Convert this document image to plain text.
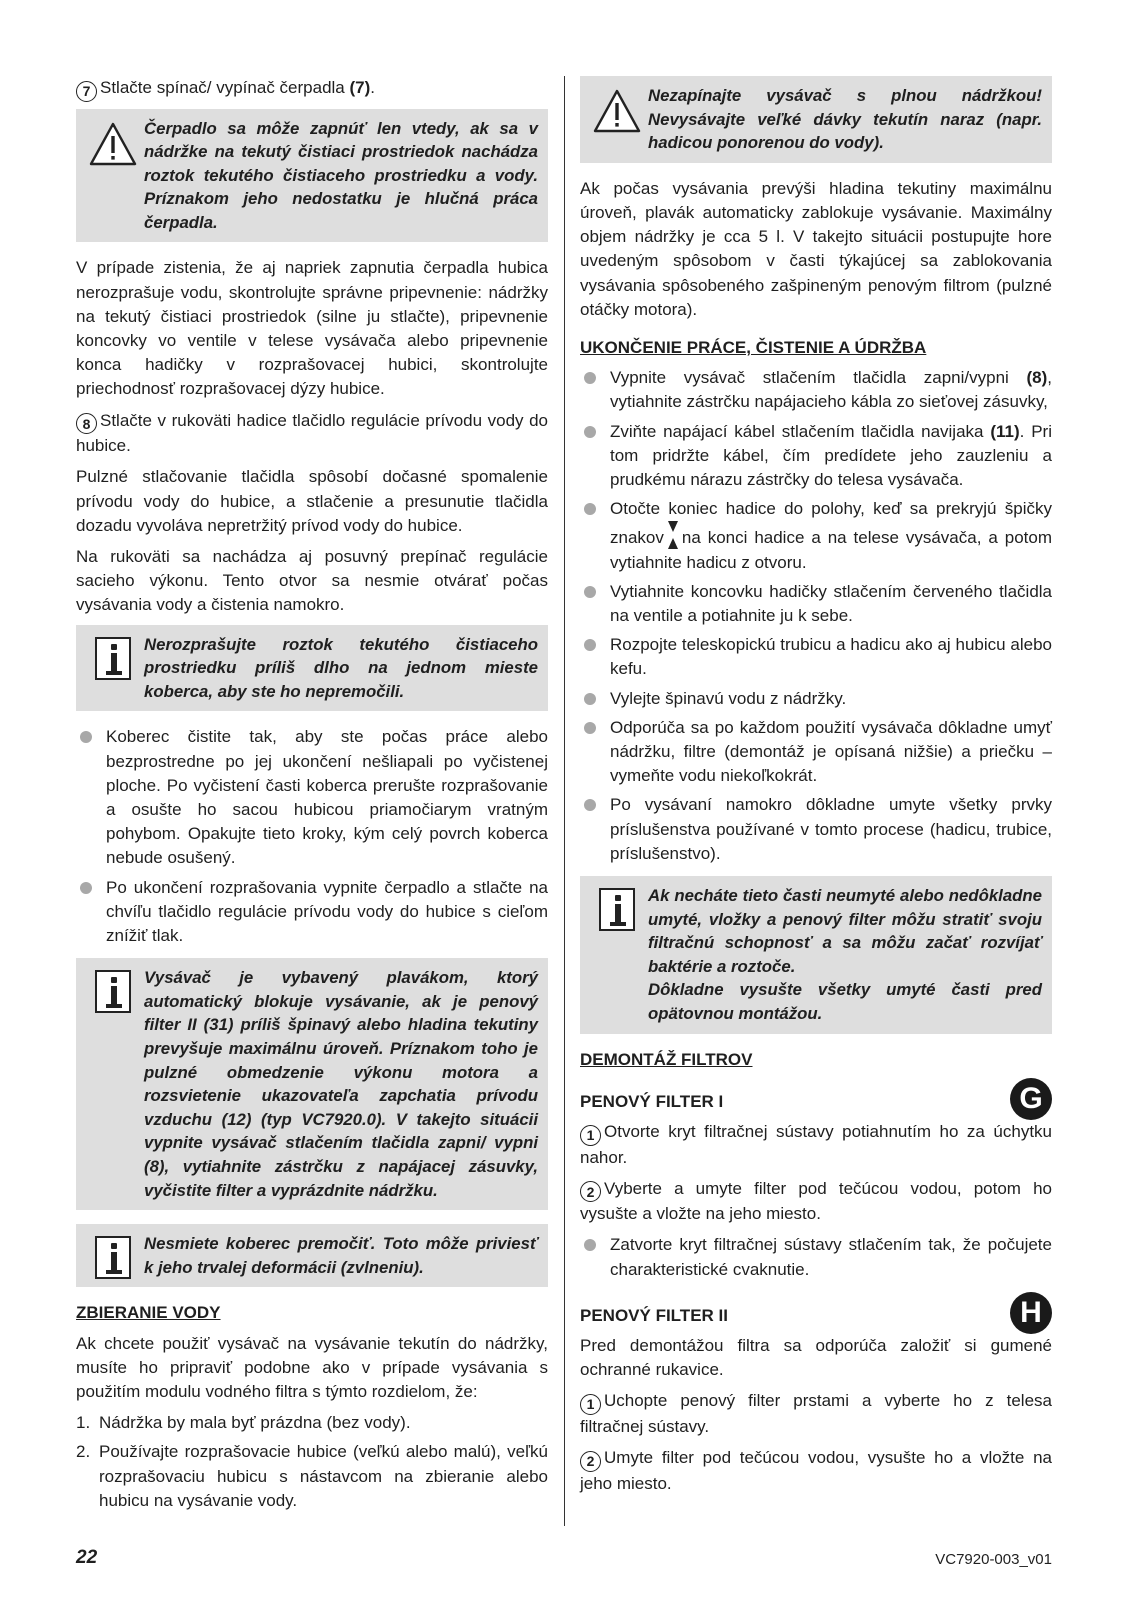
7 Stlačte spínač/ vypínač čerpadla (7).

Čerpadlo sa môže zapnúť len vtedy, ak sa v nádržke na tekutý čistiaci prostriedok nachádza roztok tekutého čistiaceho prostriedku a vody. Príznakom jeho nedostatku je hlučná práca čerpadla.

V prípade zistenia, že aj napriek zapnutia čerpadla hubica nerozprašuje vodu, skontrolujte správne pripevnenie: nádržky na tekutý čistiaci prostriedok (silne ju stlačte), pripevnenie koncovky vo ventile v telese vysávača alebo pripevnenie konca hadičky v rozprašovacej hubici, skontrolujte priechodnosť rozprašovacej dýzy hubice.

8 Stlačte v rukoväti hadice tlačidlo regulácie prívodu vody do hubice.

Pulzné stlačovanie tlačidla spôsobí dočasné spomalenie prívodu vody do hubice, a stlačenie a presunutie tlačidla dozadu vyvoláva nepretržitý prívod vody do hubice.

Na rukoväti sa nachádza aj posuvný prepínač regulácie sacieho výkonu. Tento otvor sa nesmie otvárať počas vysávania vody a čistenia namokro.

Nerozprašujte roztok tekutého čistiaceho prostriedku príliš dlho na jednom mieste koberca, aby ste ho nepremočili.
Koberec čistite tak, aby ste počas práce alebo bezprostredne po jej ukončení nešliapali po vyčistenej ploche. Po vyčistení časti koberca prerušte rozprašovanie a osušte ho sacou hubicou priamočiarym vratným pohybom. Opakujte tieto kroky, kým celý povrch koberca nebude osušený.
Po ukončení rozprašovania vypnite čerpadlo a stlačte na chvíľu tlačidlo regulácie prívodu vody do hubice s cieľom znížiť tlak.
Vysávač je vybavený plavákom, ktorý automatický blokuje vysávanie, ak je penový filter II (31) príliš špinavý alebo hladina tekutiny prevyšuje maximálnu úroveň. Príznakom toho je pulzné obmedzenie výkonu motora a rozsvietenie ukazovateľa zapchatia prívodu vzduchu (12) (typ VC7920.0). V takejto situácii vypnite vysávač stlačením tlačidla zapni/ vypni (8), vytiahnite zástrčku z napájacej zásuvky, vyčistite filter a vyprázdnite nádržku.
Nesmiete koberec premočiť. Toto môže priviesť k jeho trvalej deformácii (zvlneniu).
ZBIERANIE VODY

Ak chcete použiť vysávač na vysávanie tekutín do nádržky, musíte ho pripraviť podobne ako v prípade vysávania s použitím modulu vodného filtra s týmto rozdielom, že:

1. Nádržka by mala byť prázdna (bez vody).
2. Používajte rozprašovacie hubice (veľkú alebo malú), veľkú rozprašovaciu hubicu s nástavcom na zbieranie alebo hubicu na vysávanie vody.
Nezapínajte vysávač s plnou nádržkou! Nevysávajte veľké dávky tekutín naraz (napr. hadicou ponorenou do vody).

Ak počas vysávania prevýši hladina tekutiny maximálnu úroveň, plavák automaticky zablokuje vysávanie. Maximálny objem nádržky je cca 5 l. V takejto situácii postupujte hore uvedeným spôsobom v časti týkajúcej sa zablokovania vysávania spôsobeného zašpineným penovým filtrom (pulzné otáčky motora).

UKONČENIE PRÁCE, ČISTENIE A ÚDRŽBA
Vypnite vysávač stlačením tlačidla zapni/vypni (8), vytiahnite zástrčku napájacieho kábla zo sieťovej zásuvky,
Zviňte napájací kábel stlačením tlačidla navijaka (11). Pri tom pridržte kábel, čím predídete jeho zauzleniu a prudkému nárazu zástrčky do telesa vysávača.
Otočte koniec hadice do polohy, keď sa prekryjú špičky znakov na konci hadice a na telese vysávača, a potom vytiahnite hadicu z otvoru.
Vytiahnite koncovku hadičky stlačením červeného tlačidla na ventile a potiahnite ju k sebe.
Rozpojte teleskopickú trubicu a hadicu ako aj hubicu alebo kefu.
Vylejte špinavú vodu z nádržky.
Odporúča sa po každom použití vysávača dôkladne umyť nádržku, filtre (demontáž je opísaná nižšie) a priečku – vymeňte vodu niekoľkokrát.
Po vysávaní namokro dôkladne umyte všetky prvky príslušenstva používané v tomto procese (hadicu, trubice, príslušenstvo).
Ak necháte tieto časti neumyté alebo nedôkladne umyté, vložky a penový filter môžu stratiť svoju filtračnú schopnosť a sa môžu začať rozvíjať baktérie a roztoče.
Dôkladne vysušte všetky umyté časti pred opätovnou montážou.
DEMONTÁŽ FILTROV
PENOVÝ FILTER I	G

1 Otvorte kryt filtračnej sústavy potiahnutím ho za úchytku nahor.

2 Vyberte a umyte filter pod tečúcou vodou, potom ho vysušte a vložte na jeho miesto.

Zatvorte kryt filtračnej sústavy stlačením tak, že počujete charakteristické cvaknutie.
PENOVÝ FILTER II	H

Pred demontážou filtra sa odporúča založiť si gumené ochranné rukavice.

1 Uchopte penový filter prstami a vyberte ho z telesa filtračnej sústavy.

2 Umyte filter pod tečúcou vodou, vysušte ho a vložte na jeho miesto.

22	VC7920-003_v01
